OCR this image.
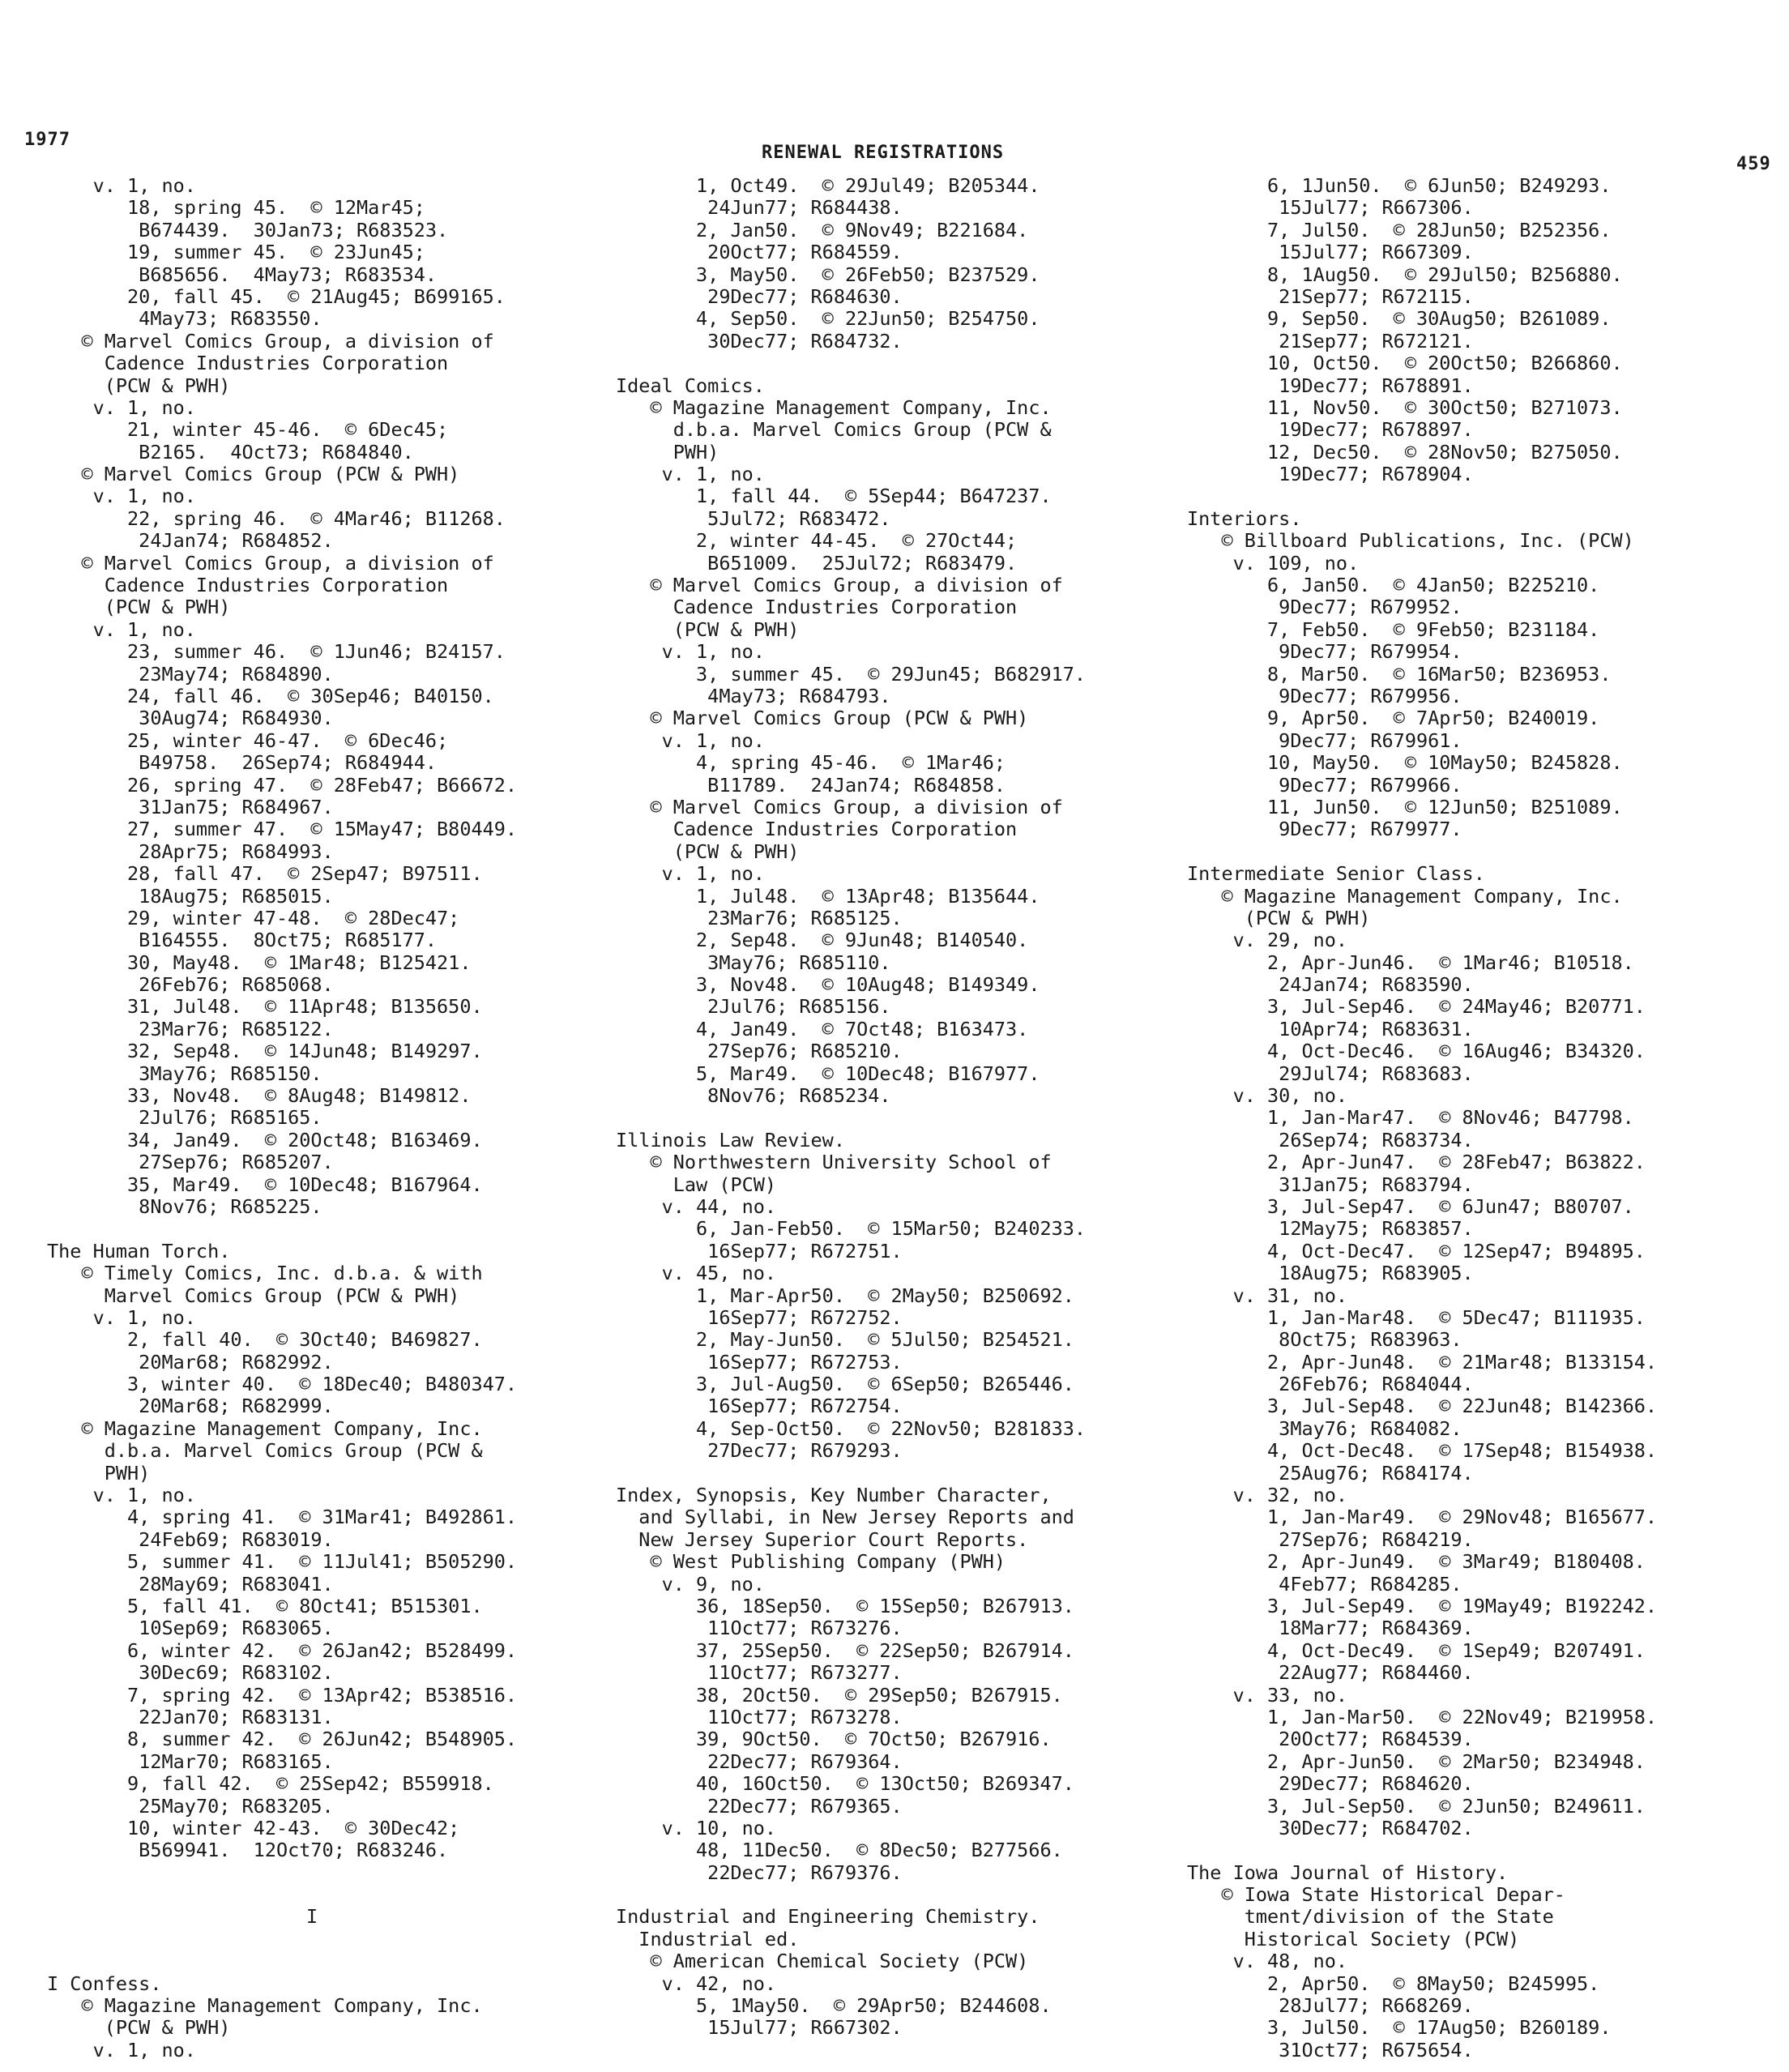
1977
RENEWAL REGISTRATIONS
459
v. 1, no.
18, spring 45.  © 12Mar45;
B674439.  30Jan73; R683523.
19, summer 45.  © 23Jun45;
B685656.  4May73; R683534.
20, fall 45.  © 21Aug45; B699165.
4May73; R683550.
© Marvel Comics Group, a division of
Cadence Industries Corporation
(PCW & PWH)
v. 1, no.
21, winter 45-46.  © 6Dec45;
B2165.  4Oct73; R684840.
© Marvel Comics Group (PCW & PWH)
v. 1, no.
22, spring 46.  © 4Mar46; B11268.
24Jan74; R684852.
© Marvel Comics Group, a division of
Cadence Industries Corporation
(PCW & PWH)
v. 1, no.
23, summer 46.  © 1Jun46; B24157.
23May74; R684890.
24, fall 46.  © 30Sep46; B40150.
30Aug74; R684930.
25, winter 46-47.  © 6Dec46;
B49758.  26Sep74; R684944.
26, spring 47.  © 28Feb47; B66672.
31Jan75; R684967.
27, summer 47.  © 15May47; B80449.
28Apr75; R684993.
28, fall 47.  © 2Sep47; B97511.
18Aug75; R685015.
29, winter 47-48.  © 28Dec47;
B164555.  8Oct75; R685177.
30, May48.  © 1Mar48; B125421.
26Feb76; R685068.
31, Jul48.  © 11Apr48; B135650.
23Mar76; R685122.
32, Sep48.  © 14Jun48; B149297.
3May76; R685150.
33, Nov48.  © 8Aug48; B149812.
2Jul76; R685165.
34, Jan49.  © 20Oct48; B163469.
27Sep76; R685207.
35, Mar49.  © 10Dec48; B167964.
8Nov76; R685225.
The Human Torch.
© Timely Comics, Inc. d.b.a. & with
Marvel Comics Group (PCW & PWH)
v. 1, no.
2, fall 40.  © 3Oct40; B469827.
20Mar68; R682992.
3, winter 40.  © 18Dec40; B480347.
20Mar68; R682999.
© Magazine Management Company, Inc.
d.b.a. Marvel Comics Group (PCW &
PWH)
v. 1, no.
4, spring 41.  © 31Mar41; B492861.
24Feb69; R683019.
5, summer 41.  © 11Jul41; B505290.
28May69; R683041.
5, fall 41.  © 8Oct41; B515301.
10Sep69; R683065.
6, winter 42.  © 26Jan42; B528499.
30Dec69; R683102.
7, spring 42.  © 13Apr42; B538516.
22Jan70; R683131.
8, summer 42.  © 26Jun42; B548905.
12Mar70; R683165.
9, fall 42.  © 25Sep42; B559918.
25May70; R683205.
10, winter 42-43.  © 30Dec42;
B569941.  12Oct70; R683246.
I
I Confess.
© Magazine Management Company, Inc.
(PCW & PWH)
v. 1, no.
1, Oct49.  © 29Jul49; B205344.
24Jun77; R684438.
2, Jan50.  © 9Nov49; B221684.
20Oct77; R684559.
3, May50.  © 26Feb50; B237529.
29Dec77; R684630.
4, Sep50.  © 22Jun50; B254750.
30Dec77; R684732.
Ideal Comics.
© Magazine Management Company, Inc.
d.b.a. Marvel Comics Group (PCW &
PWH)
v. 1, no.
1, fall 44.  © 5Sep44; B647237.
5Jul72; R683472.
2, winter 44-45.  © 27Oct44;
B651009.  25Jul72; R683479.
© Marvel Comics Group, a division of
Cadence Industries Corporation
(PCW & PWH)
v. 1, no.
3, summer 45.  © 29Jun45; B682917.
4May73; R684793.
© Marvel Comics Group (PCW & PWH)
v. 1, no.
4, spring 45-46.  © 1Mar46;
B11789.  24Jan74; R684858.
© Marvel Comics Group, a division of
Cadence Industries Corporation
(PCW & PWH)
v. 1, no.
1, Jul48.  © 13Apr48; B135644.
23Mar76; R685125.
2, Sep48.  © 9Jun48; B140540.
3May76; R685110.
3, Nov48.  © 10Aug48; B149349.
2Jul76; R685156.
4, Jan49.  © 7Oct48; B163473.
27Sep76; R685210.
5, Mar49.  © 10Dec48; B167977.
8Nov76; R685234.
Illinois Law Review.
© Northwestern University School of
Law (PCW)
v. 44, no.
6, Jan-Feb50.  © 15Mar50; B240233.
16Sep77; R672751.
v. 45, no.
1, Mar-Apr50.  © 2May50; B250692.
16Sep77; R672752.
2, May-Jun50.  © 5Jul50; B254521.
16Sep77; R672753.
3, Jul-Aug50.  © 6Sep50; B265446.
16Sep77; R672754.
4, Sep-Oct50.  © 22Nov50; B281833.
27Dec77; R679293.
Index, Synopsis, Key Number Character,
and Syllabi, in New Jersey Reports and
New Jersey Superior Court Reports.
© West Publishing Company (PWH)
v. 9, no.
36, 18Sep50.  © 15Sep50; B267913.
11Oct77; R673276.
37, 25Sep50.  © 22Sep50; B267914.
11Oct77; R673277.
38, 2Oct50.  © 29Sep50; B267915.
11Oct77; R673278.
39, 9Oct50.  © 7Oct50; B267916.
22Dec77; R679364.
40, 16Oct50.  © 13Oct50; B269347.
22Dec77; R679365.
v. 10, no.
48, 11Dec50.  © 8Dec50; B277566.
22Dec77; R679376.
Industrial and Engineering Chemistry.
Industrial ed.
© American Chemical Society (PCW)
v. 42, no.
5, 1May50.  © 29Apr50; B244608.
15Jul77; R667302.
6, 1Jun50.  © 6Jun50; B249293.
15Jul77; R667306.
7, Jul50.  © 28Jun50; B252356.
15Jul77; R667309.
8, 1Aug50.  © 29Jul50; B256880.
21Sep77; R672115.
9, Sep50.  © 30Aug50; B261089.
21Sep77; R672121.
10, Oct50.  © 20Oct50; B266860.
19Dec77; R678891.
11, Nov50.  © 30Oct50; B271073.
19Dec77; R678897.
12, Dec50.  © 28Nov50; B275050.
19Dec77; R678904.
Interiors.
© Billboard Publications, Inc. (PCW)
v. 109, no.
6, Jan50.  © 4Jan50; B225210.
9Dec77; R679952.
7, Feb50.  © 9Feb50; B231184.
9Dec77; R679954.
8, Mar50.  © 16Mar50; B236953.
9Dec77; R679956.
9, Apr50.  © 7Apr50; B240019.
9Dec77; R679961.
10, May50.  © 10May50; B245828.
9Dec77; R679966.
11, Jun50.  © 12Jun50; B251089.
9Dec77; R679977.
Intermediate Senior Class.
© Magazine Management Company, Inc.
(PCW & PWH)
v. 29, no.
2, Apr-Jun46.  © 1Mar46; B10518.
24Jan74; R683590.
3, Jul-Sep46.  © 24May46; B20771.
10Apr74; R683631.
4, Oct-Dec46.  © 16Aug46; B34320.
29Jul74; R683683.
v. 30, no.
1, Jan-Mar47.  © 8Nov46; B47798.
26Sep74; R683734.
2, Apr-Jun47.  © 28Feb47; B63822.
31Jan75; R683794.
3, Jul-Sep47.  © 6Jun47; B80707.
12May75; R683857.
4, Oct-Dec47.  © 12Sep47; B94895.
18Aug75; R683905.
v. 31, no.
1, Jan-Mar48.  © 5Dec47; B111935.
8Oct75; R683963.
2, Apr-Jun48.  © 21Mar48; B133154.
26Feb76; R684044.
3, Jul-Sep48.  © 22Jun48; B142366.
3May76; R684082.
4, Oct-Dec48.  © 17Sep48; B154938.
25Aug76; R684174.
v. 32, no.
1, Jan-Mar49.  © 29Nov48; B165677.
27Sep76; R684219.
2, Apr-Jun49.  © 3Mar49; B180408.
4Feb77; R684285.
3, Jul-Sep49.  © 19May49; B192242.
18Mar77; R684369.
4, Oct-Dec49.  © 1Sep49; B207491.
22Aug77; R684460.
v. 33, no.
1, Jan-Mar50.  © 22Nov49; B219958.
20Oct77; R684539.
2, Apr-Jun50.  © 2Mar50; B234948.
29Dec77; R684620.
3, Jul-Sep50.  © 2Jun50; B249611.
30Dec77; R684702.
The Iowa Journal of History.
© Iowa State Historical Depar-
tment/division of the State
Historical Society (PCW)
v. 48, no.
2, Apr50.  © 8May50; B245995.
28Jul77; R668269.
3, Jul50.  © 17Aug50; B260189.
31Oct77; R675654.
